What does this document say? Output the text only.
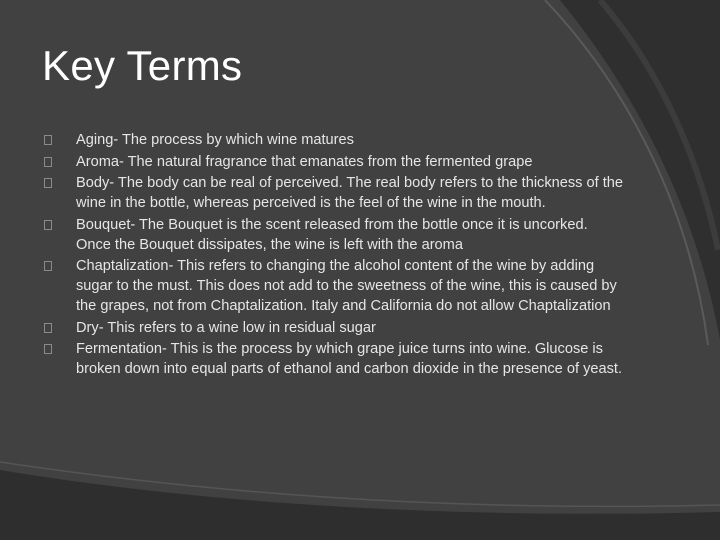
Key Terms
Aging- The process by which wine matures
Aroma- The natural fragrance that emanates from the fermented grape
Body- The body can be real of perceived. The real body refers to the thickness of the wine in the bottle, whereas perceived is the feel of the wine in the mouth.
Bouquet- The Bouquet is the scent released from the bottle once it is uncorked. Once the Bouquet dissipates, the wine is left with the aroma
Chaptalization- This refers to changing the alcohol content of the wine by adding sugar to the must. This does not add to the sweetness of the wine, this is caused by the grapes, not from Chaptalization. Italy and California do not allow Chaptalization
Dry- This refers to a wine low in residual sugar
Fermentation- This is the process by which grape juice turns into wine. Glucose is broken down into equal parts of ethanol and carbon dioxide in the presence of yeast.
